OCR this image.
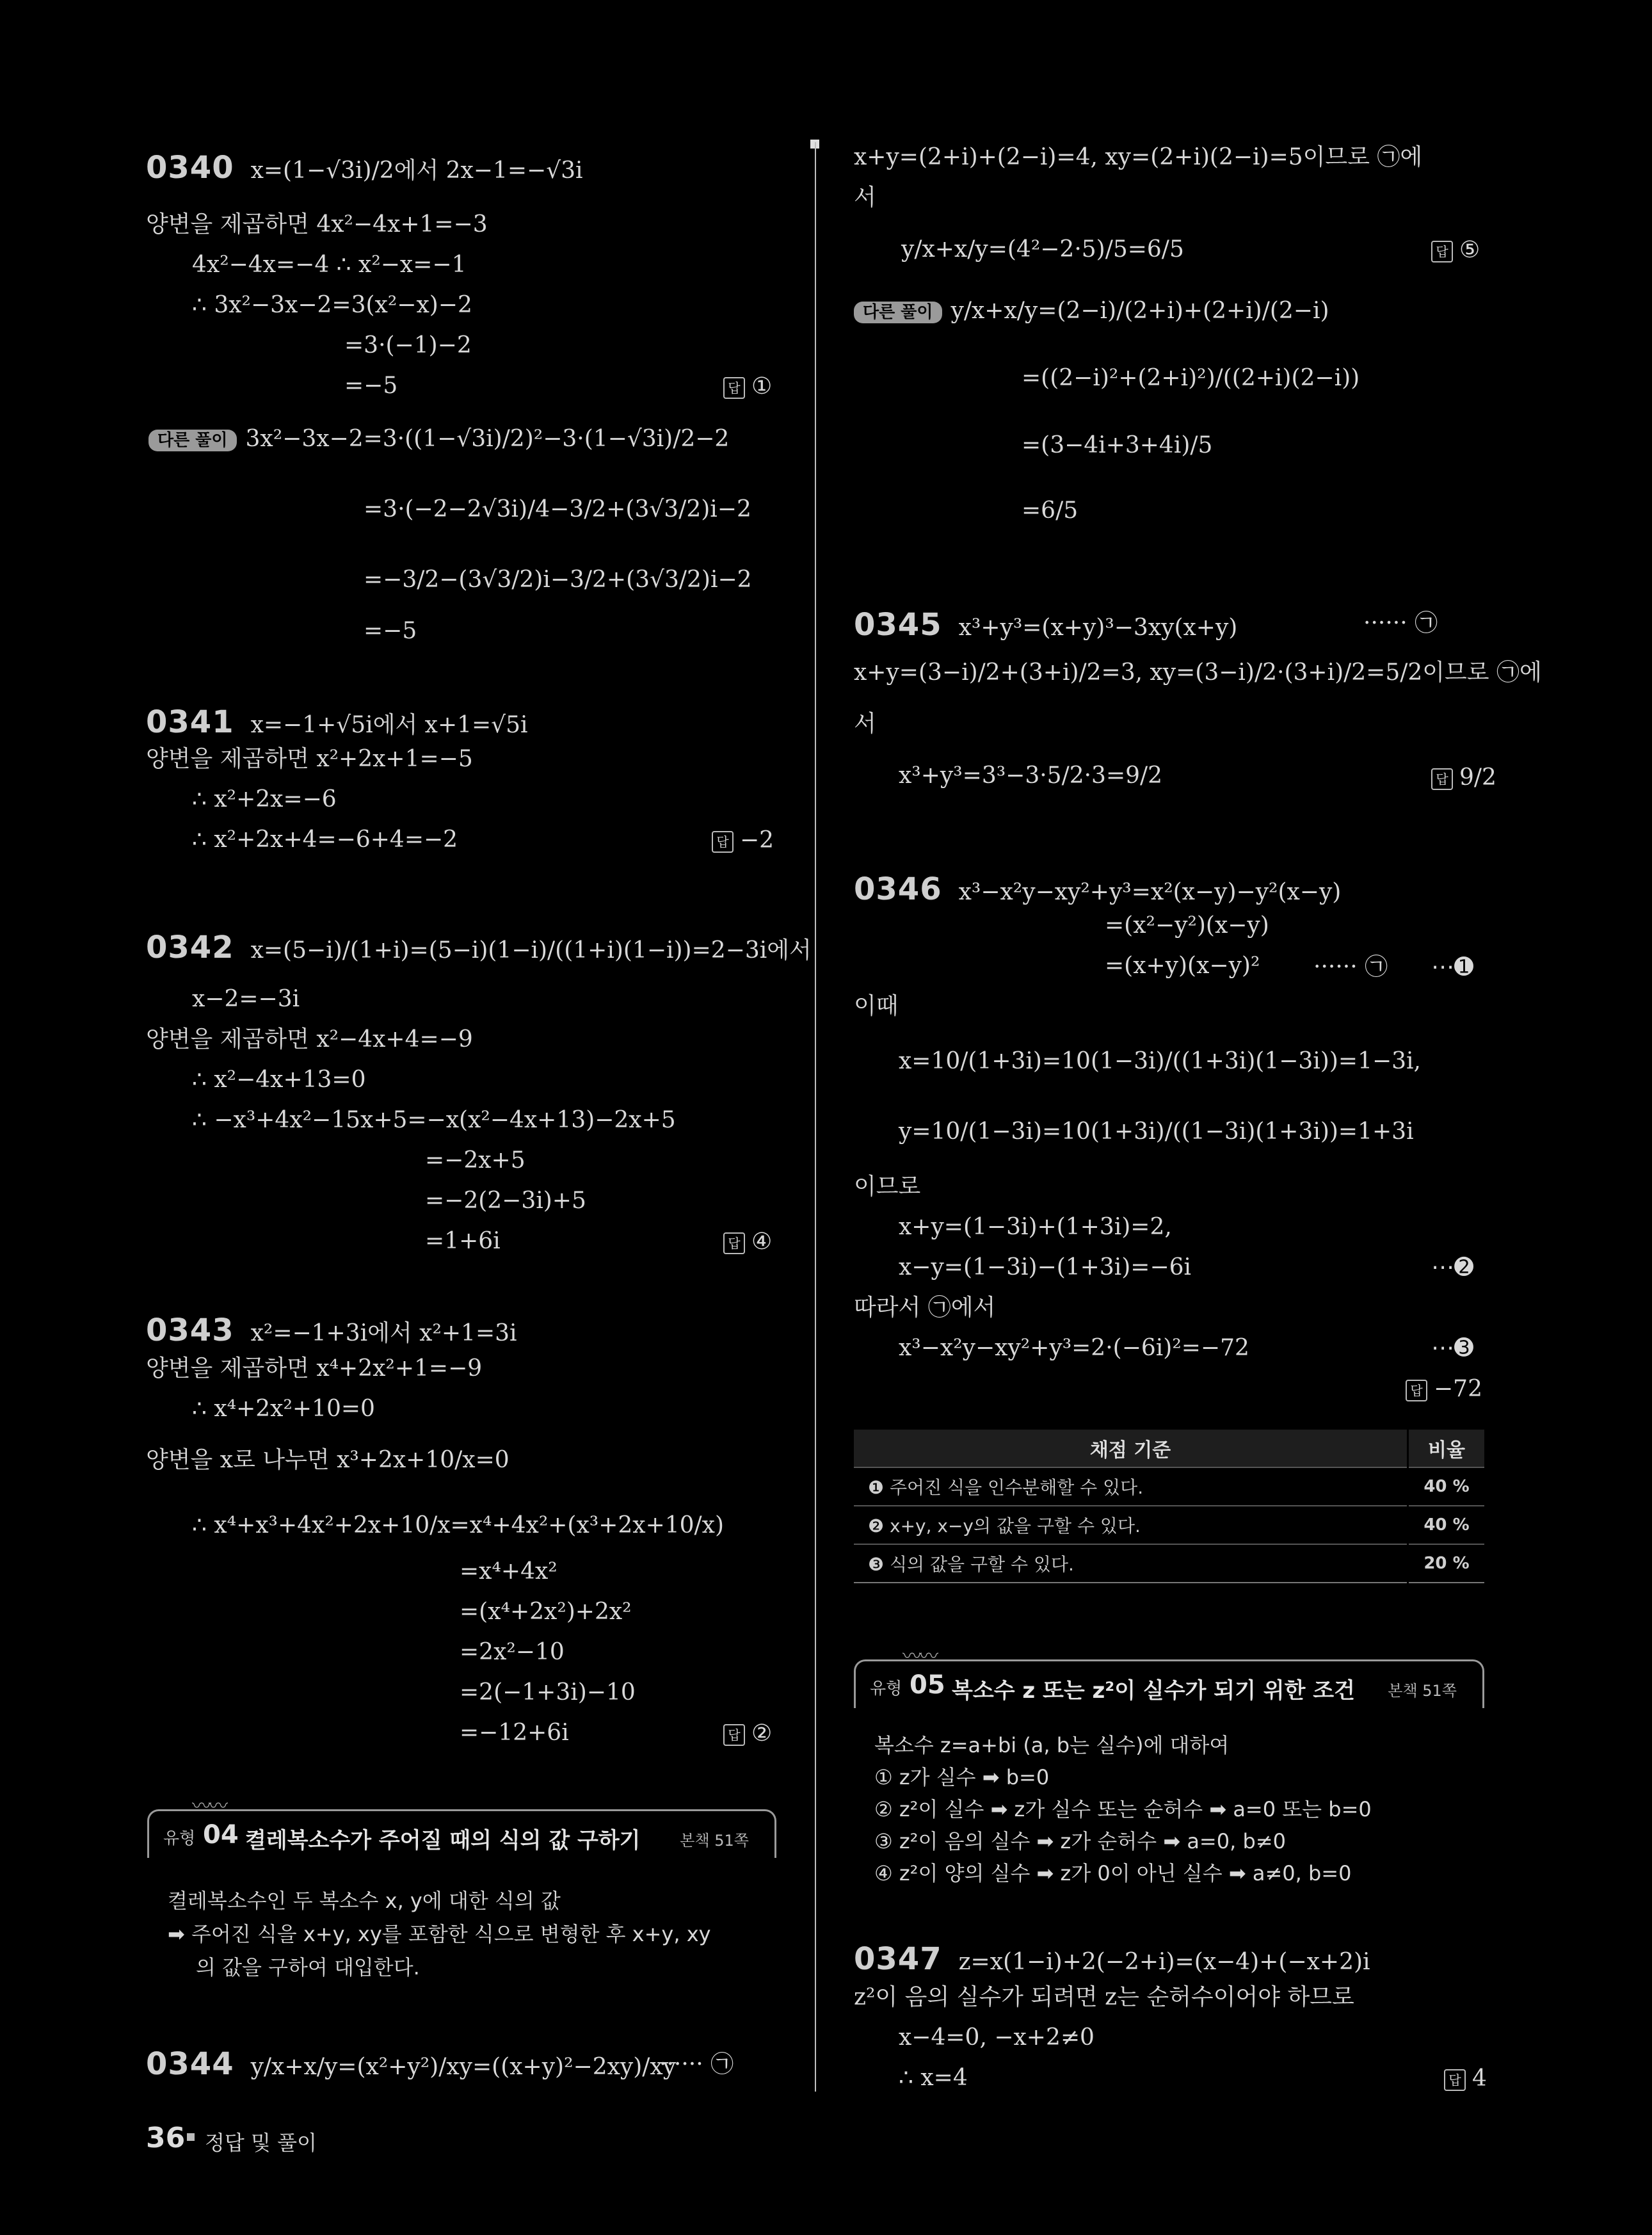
0340 x=(1−√3i)/2에서 2x−1=−√3i
양변을 제곱하면 4x²−4x+1=−3
4x²−4x=−4 ∴ x²−x=−1
∴ 3x²−3x−2=3(x²−x)−2
=3·(−1)−2
=−5	답 ①
다른 풀이 3x²−3x−2=3·((1−√3i)/2)²−3·(1−√3i)/2−2
=3·(−2−2√3i)/4−3/2+(3√3/2)i−2
=−3/2−(3√3/2)i−3/2+(3√3/2)i−2
=−5
0341 x=−1+√5i에서 x+1=√5i
양변을 제곱하면 x²+2x+1=−5
∴ x²+2x=−6
∴ x²+2x+4=−6+4=−2	답 −2
0342 x=(5−i)/(1+i)=(5−i)(1−i)/((1+i)(1−i))=2−3i에서
x−2=−3i
양변을 제곱하면 x²−4x+4=−9
∴ x²−4x+13=0
∴ −x³+4x²−15x+5=−x(x²−4x+13)−2x+5
=−2x+5
=−2(2−3i)+5
=1+6i	답 ④
0343 x²=−1+3i에서 x²+1=3i
양변을 제곱하면 x⁴+2x²+1=−9
∴ x⁴+2x²+10=0
양변을 x로 나누면 x³+2x+10/x=0
∴ x⁴+x³+4x²+2x+10/x=x⁴+4x²+(x³+2x+10/x)
=x⁴+4x²
=(x⁴+2x²)+2x²
=2x²−10
=2(−1+3i)−10
=−12+6i	답 ②
〰〰
유형 04 켤레복소수가 주어질 때의 식의 값 구하기	본책 51쪽
켤레복소수인 두 복소수 x, y에 대한 식의 값
➡ 주어진 식을 x+y, xy를 포함한 식으로 변형한 후 x+y, xy
의 값을 구하여 대입한다.
0344 y/x+x/y=(x²+y²)/xy=((x+y)²−2xy)/xy
······ ㉠
x+y=(2+i)+(2−i)=4, xy=(2+i)(2−i)=5이므로 ㉠에
서
y/x+x/y=(4²−2·5)/5=6/5	답 ⑤
다른 풀이 y/x+x/y=(2−i)/(2+i)+(2+i)/(2−i)
=((2−i)²+(2+i)²)/((2+i)(2−i))
=(3−4i+3+4i)/5
=6/5
0345 x³+y³=(x+y)³−3xy(x+y)	······ ㉠
x+y=(3−i)/2+(3+i)/2=3, xy=(3−i)/2·(3+i)/2=5/2이므로 ㉠에
서
x³+y³=3³−3·5/2·3=9/2	답 9/2
0346 x³−x²y−xy²+y³=x²(x−y)−y²(x−y)
=(x²−y²)(x−y)
=(x+y)(x−y)² ······ ㉠ ⋯➊
이때
x=10/(1+3i)=10(1−3i)/((1+3i)(1−3i))=1−3i,
y=10/(1−3i)=10(1+3i)/((1−3i)(1+3i))=1+3i
이므로
x+y=(1−3i)+(1+3i)=2,
x−y=(1−3i)−(1+3i)=−6i	⋯➋
따라서 ㉠에서
x³−x²y−xy²+y³=2·(−6i)²=−72	⋯➌
답 −72
채점 기준	비율
❶ 주어진 식을 인수분해할 수 있다.	40 %
❷ x+y, x−y의 값을 구할 수 있다.	40 %
❸ 식의 값을 구할 수 있다.	20 %
〰〰
유형 05 복소수 z 또는 z²이 실수가 되기 위한 조건 본책 51쪽
복소수 z=a+bi (a, b는 실수)에 대하여
① z가 실수 ➡ b=0
② z²이 실수 ➡ z가 실수 또는 순허수 ➡ a=0 또는 b=0
③ z²이 음의 실수 ➡ z가 순허수 ➡ a=0, b≠0
④ z²이 양의 실수 ➡ z가 0이 아닌 실수 ➡ a≠0, b=0
0347 z=x(1−i)+2(−2+i)=(x−4)+(−x+2)i
z²이 음의 실수가 되려면 z는 순허수이어야 하므로
x−4=0, −x+2≠0
∴ x=4	답 4
36 정답 및 풀이
